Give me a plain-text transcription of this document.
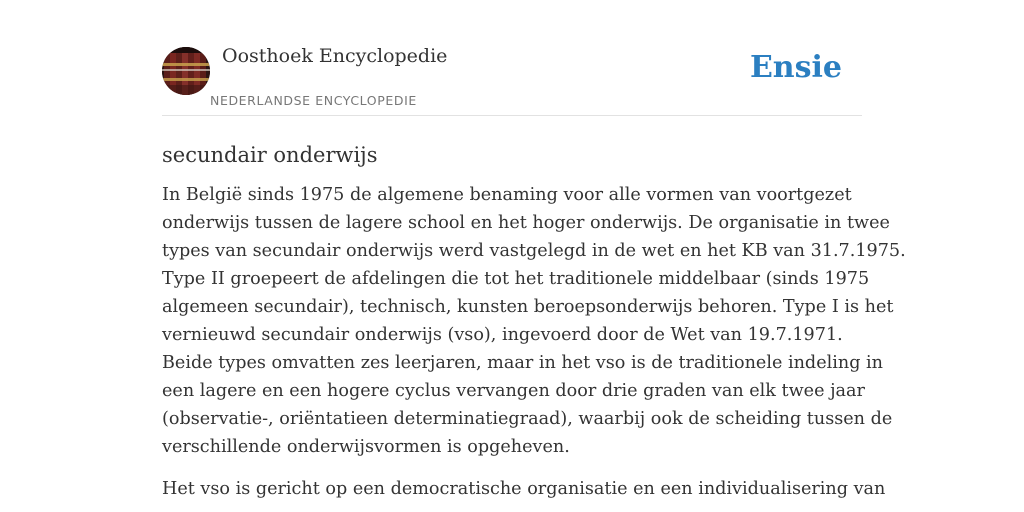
Oosthoek Encyclopedie
NEDERLANDSE ENCYCLOPEDIE
Ensie
secundair onderwijs

In België sinds 1975 de algemene benaming voor alle vormen van voortgezet
onderwijs tussen de lagere school en het hoger onderwijs. De organisatie in twee
types van secundair onderwijs werd vastgelegd in de wet en het KB van 31.7.1975.
Type II groepeert de afdelingen die tot het traditionele middelbaar (sinds 1975
algemeen secundair), technisch, kunsten beroepsonderwijs behoren. Type I is het
vernieuwd secundair onderwijs (vso), ingevoerd door de Wet van 19.7.1971.
Beide types omvatten zes leerjaren, maar in het vso is de traditionele indeling in
een lagere en een hogere cyclus vervangen door drie graden van elk twee jaar
(observatie-, oriëntatieen determinatiegraad), waarbij ook de scheiding tussen de
verschillende onderwijsvormen is opgeheven.

Het vso is gericht op een democratische organisatie en een individualisering van
